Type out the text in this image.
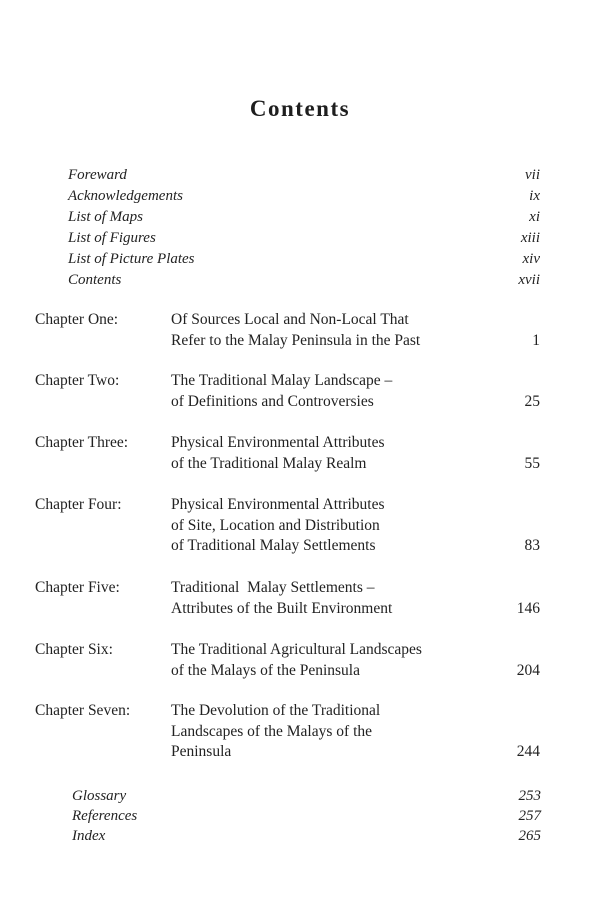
Contents
Foreward	vii
Acknowledgements	ix
List of Maps	xi
List of Figures	xiii
List of Picture Plates	xiv
Contents	xvii
Chapter One:	Of Sources Local and Non-Local That
Refer to the Malay Peninsula in the Past	1
Chapter Two:	The Traditional Malay Landscape –
of Definitions and Controversies	25
Chapter Three:	Physical Environmental Attributes
of the Traditional Malay Realm	55
Chapter Four:	Physical Environmental Attributes
of Site, Location and Distribution
of Traditional Malay Settlements	83
Chapter Five:	Traditional  Malay Settlements –
Attributes of the Built Environment	146
Chapter Six:	The Traditional Agricultural Landscapes
of the Malays of the Peninsula	204
Chapter Seven:	The Devolution of the Traditional
Landscapes of the Malays of the
Peninsula	244
Glossary	253
References	257
Index	265
